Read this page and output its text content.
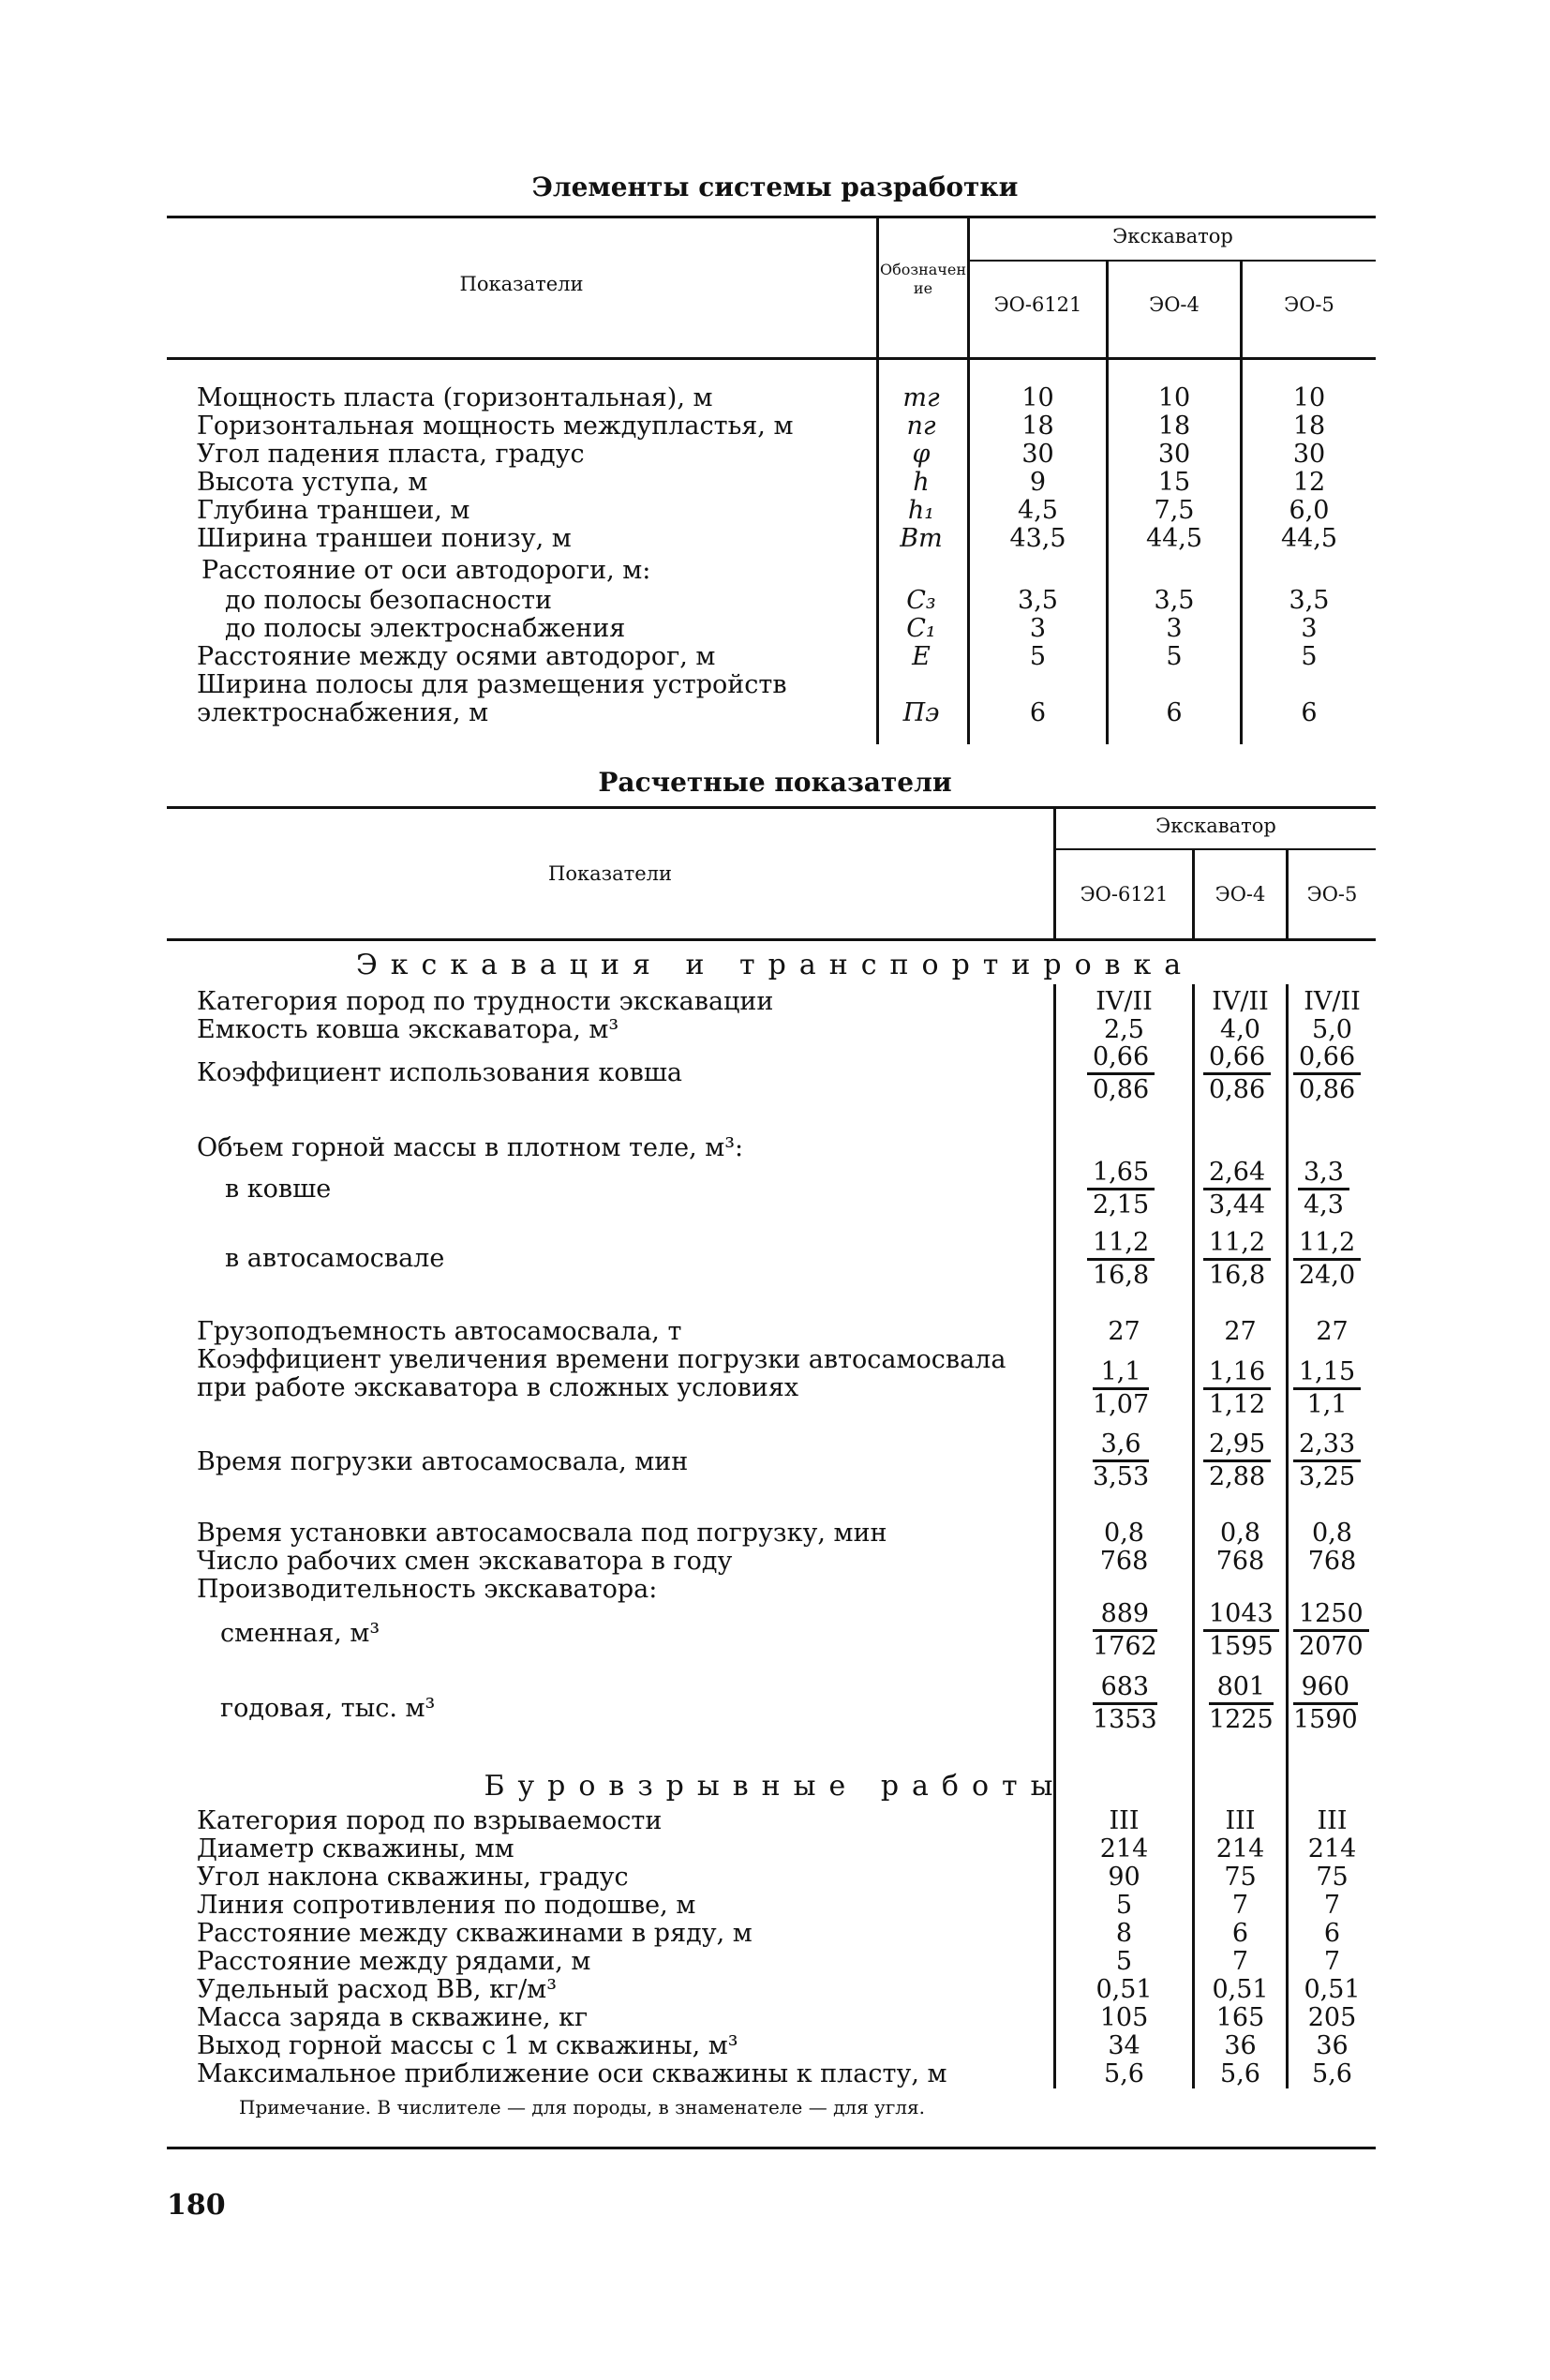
Элементы системы разработки
Показатели
Обозначение
Экскаватор
ЭО-6121	ЭО-4	ЭО-5
Мощность пласта (горизонтальная), м	mг	10	10	10
Горизонтальная мощность междупластья, м	nг	18	18	18
Угол падения пласта, градус	φ	30	30	30
Высота уступа, м	h	9	15	12
Глубина траншеи, м	h₁	4,5	7,5	6,0
Ширина траншеи понизу, м	Bт	43,5	44,5	44,5
Расстояние от оси автодороги, м:
до полосы безопасности	C₃	3,5	3,5	3,5
до полосы электроснабжения	C₁	3	3	3
Расстояние между осями автодорог, м	E	5	5	5
Ширина полосы для размещения устройств
электроснабжения, м	Пэ	6	6	6
Расчетные показатели
Показатели
Экскаватор
ЭО-6121	ЭО-4	ЭО-5
Экскавация и транспортировка
Категория пород по трудности экскавации	IV/II	IV/II	IV/II
Емкость ковша экскаватора, м³	2,5	4,0	5,0
Коэффициент использования ковша	$\frac{0,66}{0,86} \frac{0,66}{0,86} \frac{0,66}{0,86}$
Объем горной массы в плотном теле, м³:
в ковше	$\frac{1,65}{2,15} \frac{2,64}{3,44} \frac{3,3}{4,3}$
в автосамосвале	$\frac{11,2}{16,8} \frac{11,2}{16,8} \frac{11,2}{24,0}$
Грузоподъемность автосамосвала, т	27	27	27
Коэффициент увеличения времени погрузки автосамосвала
при работе экскаватора в сложных условиях	$\frac{1,1}{1,07} \frac{1,16}{1,12} \frac{1,15}{1,1}$
Время погрузки автосамосвала, мин	$\frac{3,6}{3,53} \frac{2,95}{2,88} \frac{2,33}{3,25}$
Время установки автосамосвала под погрузку, мин	0,8	0,8	0,8
Число рабочих смен экскаватора в году	768	768	768
Производительность экскаватора:
сменная, м³	$\frac{889}{1762} \frac{1043}{1595} \frac{1250}{2070}$
годовая, тыс. м³	$\frac{683}{1353} \frac{801}{1225} \frac{960}{1590}$
Буровзрывные работы
Категория пород по взрываемости	III	III	III
Диаметр скважины, мм	214	214	214
Угол наклона скважины, градус	90	75	75
Линия сопротивления по подошве, м	5	7	7
Расстояние между скважинами в ряду, м	8	6	6
Расстояние между рядами, м	5	7	7
Удельный расход ВВ, кг/м³	0,51	0,51	0,51
Масса заряда в скважине, кг	105	165	205
Выход горной массы с 1 м скважины, м³	34	36	36
Максимальное приближение оси скважины к пласту, м	5,6	5,6	5,6
Примечание. В числителе — для породы, в знаменателе — для угля.
180
